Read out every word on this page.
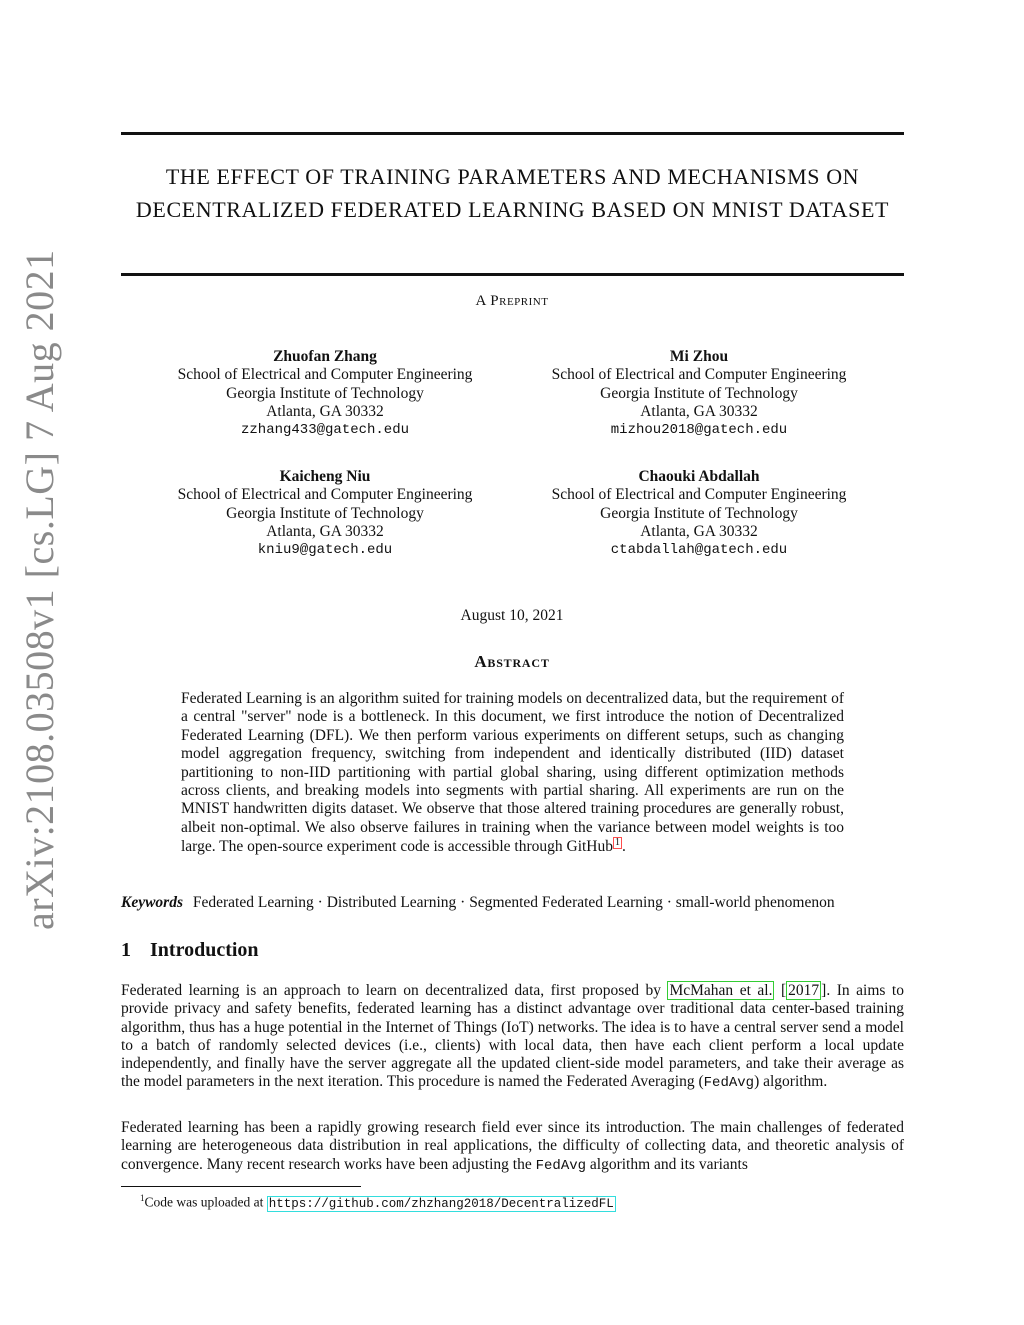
arXiv:2108.03508v1 [cs.LG] 7 Aug 2021
THE EFFECT OF TRAINING PARAMETERS AND MECHANISMS ON DECENTRALIZED FEDERATED LEARNING BASED ON MNIST DATASET
A Preprint
Zhuofan Zhang
School of Electrical and Computer Engineering
Georgia Institute of Technology
Atlanta, GA 30332
zzhang433@gatech.edu
Mi Zhou
School of Electrical and Computer Engineering
Georgia Institute of Technology
Atlanta, GA 30332
mizhou2018@gatech.edu
Kaicheng Niu
School of Electrical and Computer Engineering
Georgia Institute of Technology
Atlanta, GA 30332
kniu9@gatech.edu
Chaouki Abdallah
School of Electrical and Computer Engineering
Georgia Institute of Technology
Atlanta, GA 30332
ctabdallah@gatech.edu
August 10, 2021
Abstract

Federated Learning is an algorithm suited for training models on decentralized data, but the requirement of a central "server" node is a bottleneck. In this document, we first introduce the notion of Decentralized Federated Learning (DFL). We then perform various experiments on different setups, such as changing model aggregation frequency, switching from independent and identically distributed (IID) dataset partitioning to non-IID partitioning with partial global sharing, using different optimization methods across clients, and breaking models into segments with partial sharing. All experiments are run on the MNIST handwritten digits dataset. We observe that those altered training procedures are generally robust, albeit non-optimal. We also observe failures in training when the variance between model weights is too large. The open-source experiment code is accessible through GitHub 1 .

Keywords Federated Learning · Distributed Learning · Segmented Federated Learning · small-world phenomenon
1 Introduction

Federated learning is an approach to learn on decentralized data, first proposed by McMahan et al. [ 2017 ]. In aims to provide privacy and safety benefits, federated learning has a distinct advantage over traditional data center-based training algorithm, thus has a huge potential in the Internet of Things (IoT) networks. The idea is to have a central server send a model to a batch of randomly selected devices (i.e., clients) with local data, then have each client perform a local update independently, and finally have the server aggregate all the updated client-side model parameters, and take their average as the model parameters in the next iteration. This procedure is named the Federated Averaging (FedAvg) algorithm.

Federated learning has been a rapidly growing research field ever since its introduction. The main challenges of federated learning are heterogeneous data distribution in real applications, the difficulty of collecting data, and theoretic analysis of convergence. Many recent research works have been adjusting the FedAvg algorithm and its variants

$^1$Code was uploaded at https://github.com/zhzhang2018/DecentralizedFL
